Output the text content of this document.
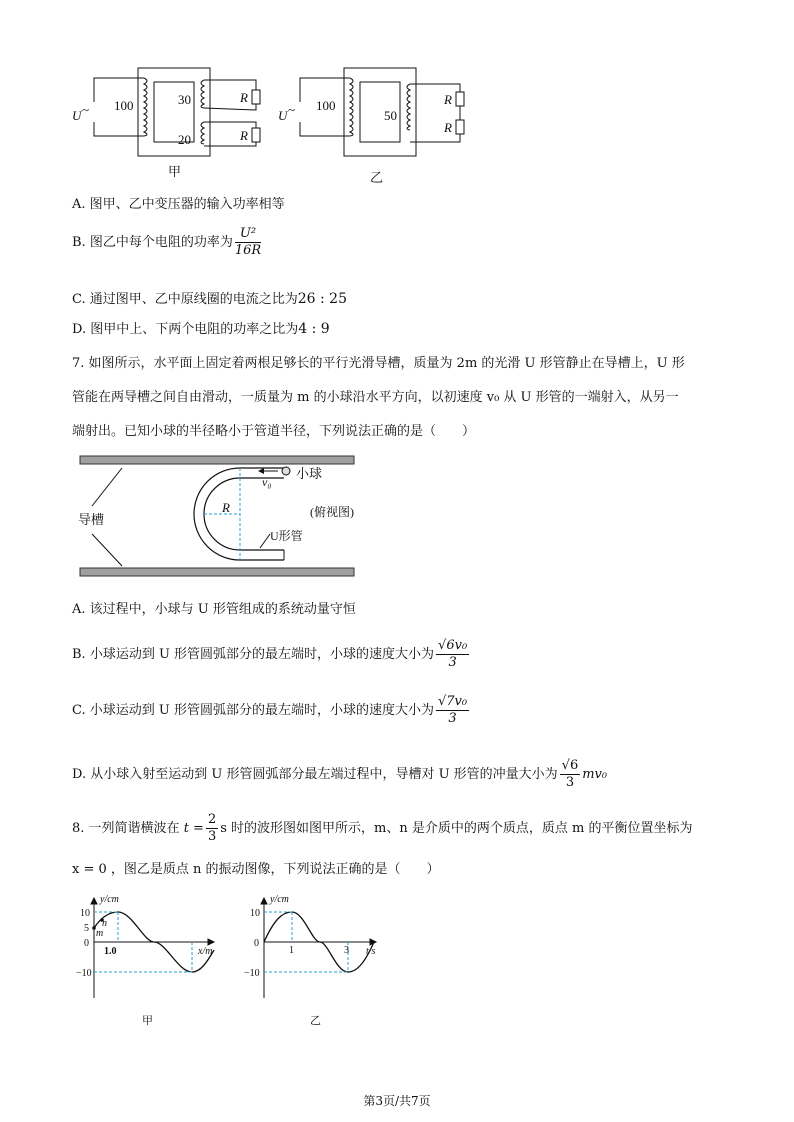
U ~ 100	30
20
R
R
甲
U ~ 100
50
R
R
乙
A. 图甲、乙中变压器的输入功率相等
B. 图乙中每个电阻的功率为 $\frac{\text{U²}}{16R}$
C. 通过图甲、乙中原线圈的电流之比为26 : 25
D. 图甲中上、下两个电阻的功率之比为4 : 9
7. 如图所示，水平面上固定着两根足够长的平行光滑导槽，质量为 2m 的光滑 U 形管静止在导槽上，U 形
管能在两导槽之间自由滑动，一质量为 m 的小球沿水平方向，以初速度 v₀ 从 U 形管的一端射入，从另一
端射出。已知小球的半径略小于管道半径，下列说法正确的是（　　）
导槽
小球
v₀
R	(俯视图)
U形管
A. 该过程中，小球与 U 形管组成的系统动量守恒
B. 小球运动到 U 形管圆弧部分的最左端时，小球的速度大小为 $\frac{\text{√6v₀}}{3}$
C. 小球运动到 U 形管圆弧部分的最左端时，小球的速度大小为 $\frac{\text{√7v₀}}{3}$
D. 从小球入射至运动到 U 形管圆弧部分最左端过程中，导槽对 U 形管的冲量大小为 $\frac{√6}{3} mv_0$
8. 一列简谐横波在 $t = \frac{2}{3}$ s 时的波形图如图甲所示，m、n 是介质中的两个质点，质点 m 的平衡位置坐标为
x = 0 ，图乙是质点 n 的振动图像，下列说法正确的是（　　）
y/cm
x/m
10
5
0
−10
1.0
n
m
甲
y/cm
t/s
10
0
−10
1	3
乙
第3页/共7页
